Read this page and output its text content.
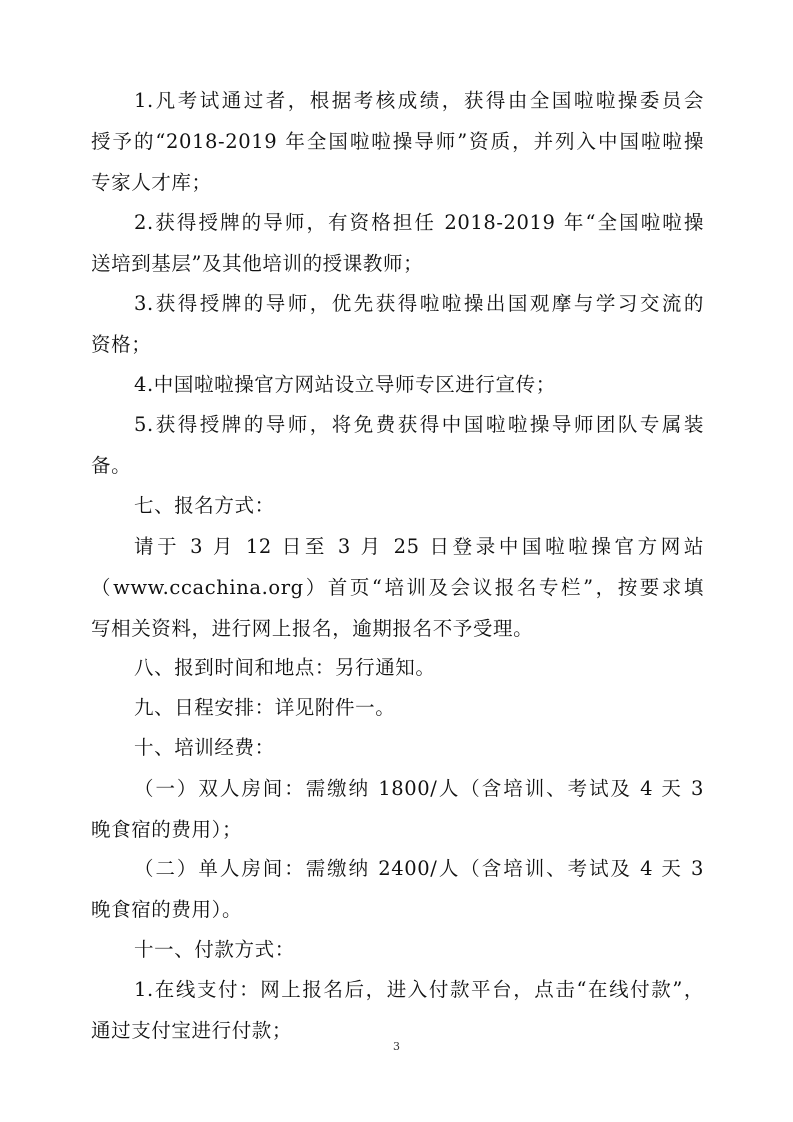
1.凡考试通过者，根据考核成绩，获得由全国啦啦操委员会
授予的“2018-2019 年全国啦啦操导师”资质，并列入中国啦啦操
专家人才库；
2.获得授牌的导师，有资格担任 2018-2019 年“全国啦啦操
送培到基层”及其他培训的授课教师；
3.获得授牌的导师，优先获得啦啦操出国观摩与学习交流的
资格；
4.中国啦啦操官方网站设立导师专区进行宣传；
5.获得授牌的导师，将免费获得中国啦啦操导师团队专属装
备。
七、报名方式：
请于 3 月 12 日至 3 月 25 日登录中国啦啦操官方网站
（www.ccachina.org）首页“培训及会议报名专栏”，按要求填
写相关资料，进行网上报名，逾期报名不予受理。
八、报到时间和地点：另行通知。
九、日程安排：详见附件一。
十、培训经费：
（一）双人房间：需缴纳 1800/人（含培训、考试及 4 天 3
晚食宿的费用）；
（二）单人房间：需缴纳 2400/人（含培训、考试及 4 天 3
晚食宿的费用）。
十一、付款方式：
1.在线支付：网上报名后，进入付款平台，点击“在线付款”，
通过支付宝进行付款；
3
